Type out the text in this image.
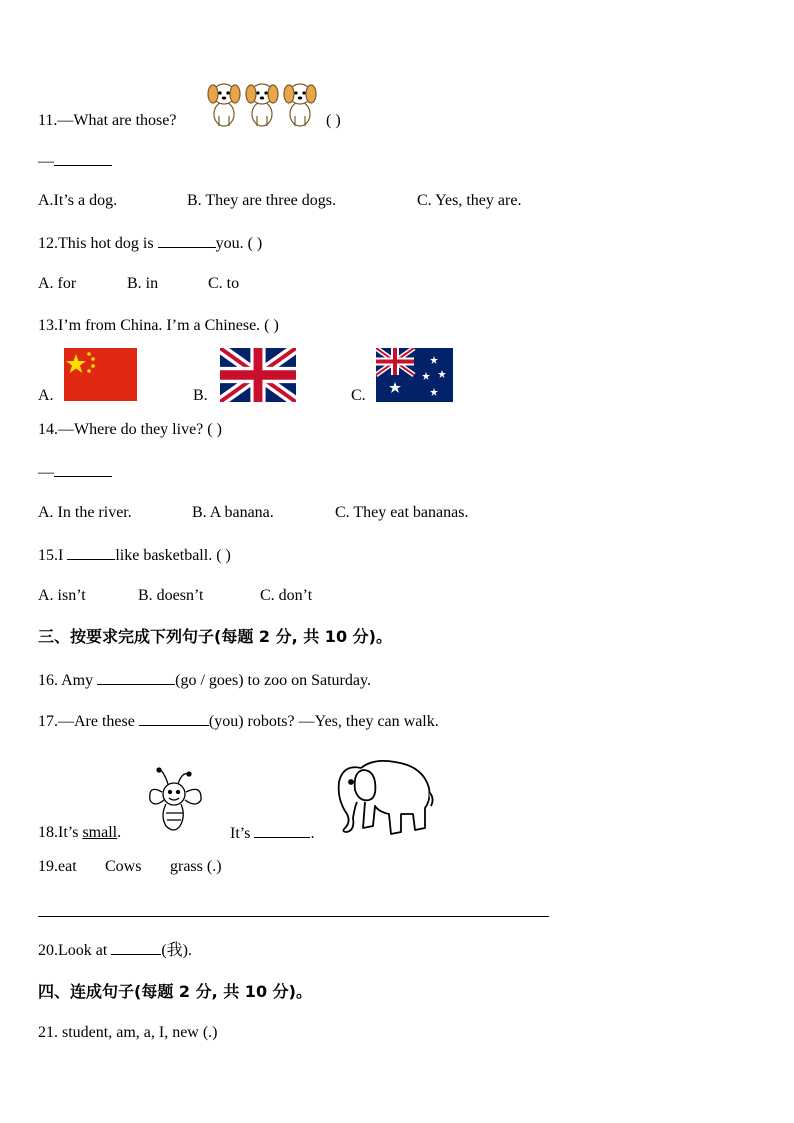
11.—What are those?	( )
—
A.It’s a dog.	B. They are three dogs.	C. Yes, they are.
12.This hot dog is	you. ( )
A. for	B. in	C. to
13.I’m from China. I’m a Chinese. ( )
A.	B.	C.
14.—Where do they live? ( )
—
A. In the river.	B. A banana.	C. They eat bananas.
15.I	like basketball. ( )
A. isn’t	B. doesn’t	C. don’t
三、按要求完成下列句子(每题 2 分, 共 10 分)。
16. Amy	(go / goes) to zoo on Saturday.
17.—Are these	(you) robots? —Yes, they can walk.
18.It’s small.	It’s	.
19.eat Cows grass (.)
20.Look at	(我).
四、连成句子(每题 2 分, 共 10 分)。
21. student, am, a, I, new (.)
